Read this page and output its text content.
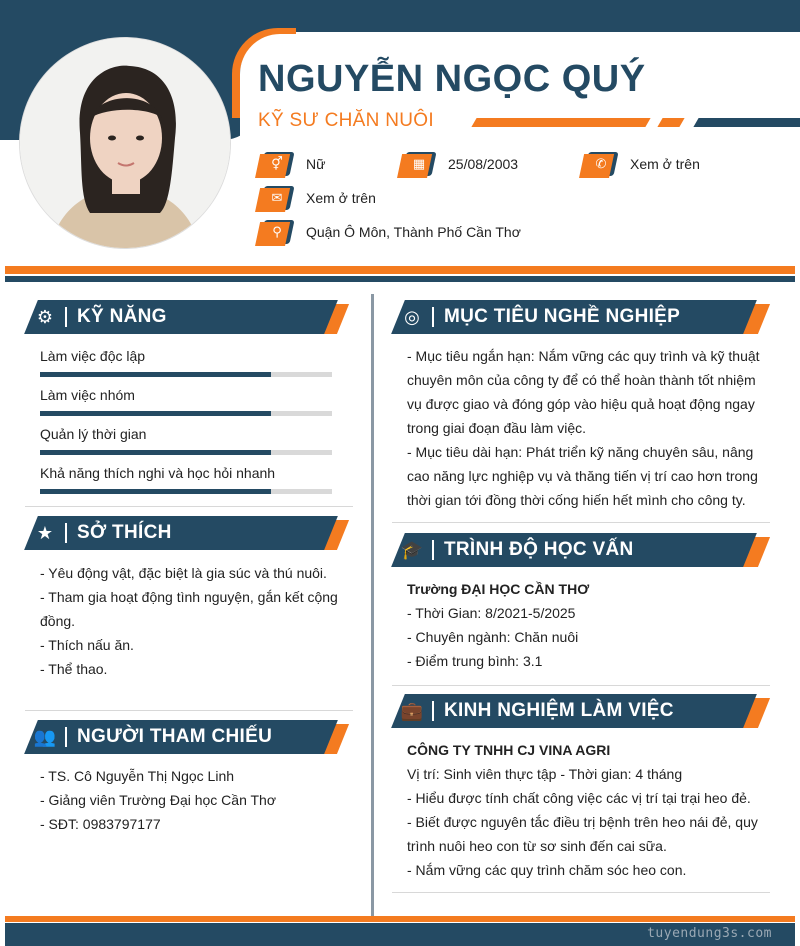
NGUYỄN NGỌC QUÝ
KỸ SƯ CHĂN NUÔI
⚥	Nữ	▦	25/08/2003	✆	Xem ở trên
✉	Xem ở trên
⚲	Quận Ô Môn, Thành Phố Cần Thơ
⚙	KỸ NĂNG
Làm việc độc lập
Làm việc nhóm
Quản lý thời gian
Khả năng thích nghi và học hỏi nhanh
★	SỞ THÍCH
- Yêu động vật, đặc biệt là gia súc và thú nuôi.
- Tham gia hoạt động tình nguyện, gắn kết cộng
đồng.
- Thích nấu ăn.
- Thể thao.
👥	NGƯỜI THAM CHIẾU
- TS. Cô Nguyễn Thị Ngọc Linh
- Giảng viên Trường Đại học Cần Thơ
- SĐT: 0983797177
◎	MỤC TIÊU NGHỀ NGHIỆP
- Mục tiêu ngắn hạn: Nắm vững các quy trình và kỹ thuật
chuyên môn của công ty để có thể hoàn thành tốt nhiệm
vụ được giao và đóng góp vào hiệu quả hoạt động ngay
trong giai đoạn đầu làm việc.
- Mục tiêu dài hạn: Phát triển kỹ năng chuyên sâu, nâng
cao năng lực nghiệp vụ và thăng tiến vị trí cao hơn trong
thời gian tới đồng thời cống hiến hết mình cho công ty.
🎓	TRÌNH ĐỘ HỌC VẤN
Trường ĐẠI HỌC CẦN THƠ
- Thời Gian: 8/2021-5/2025
- Chuyên ngành: Chăn nuôi
- Điểm trung bình: 3.1
💼	KINH NGHIỆM LÀM VIỆC
CÔNG TY TNHH CJ VINA AGRI
Vị trí: Sinh viên thực tập - Thời gian: 4 tháng
- Hiểu được tính chất công việc các vị trí tại trại heo đẻ.
- Biết được nguyên tắc điều trị bệnh trên heo nái đẻ, quy
trình nuôi heo con từ sơ sinh đến cai sữa.
- Nắm vững các quy trình chăm sóc heo con.
tuyendung3s.com
